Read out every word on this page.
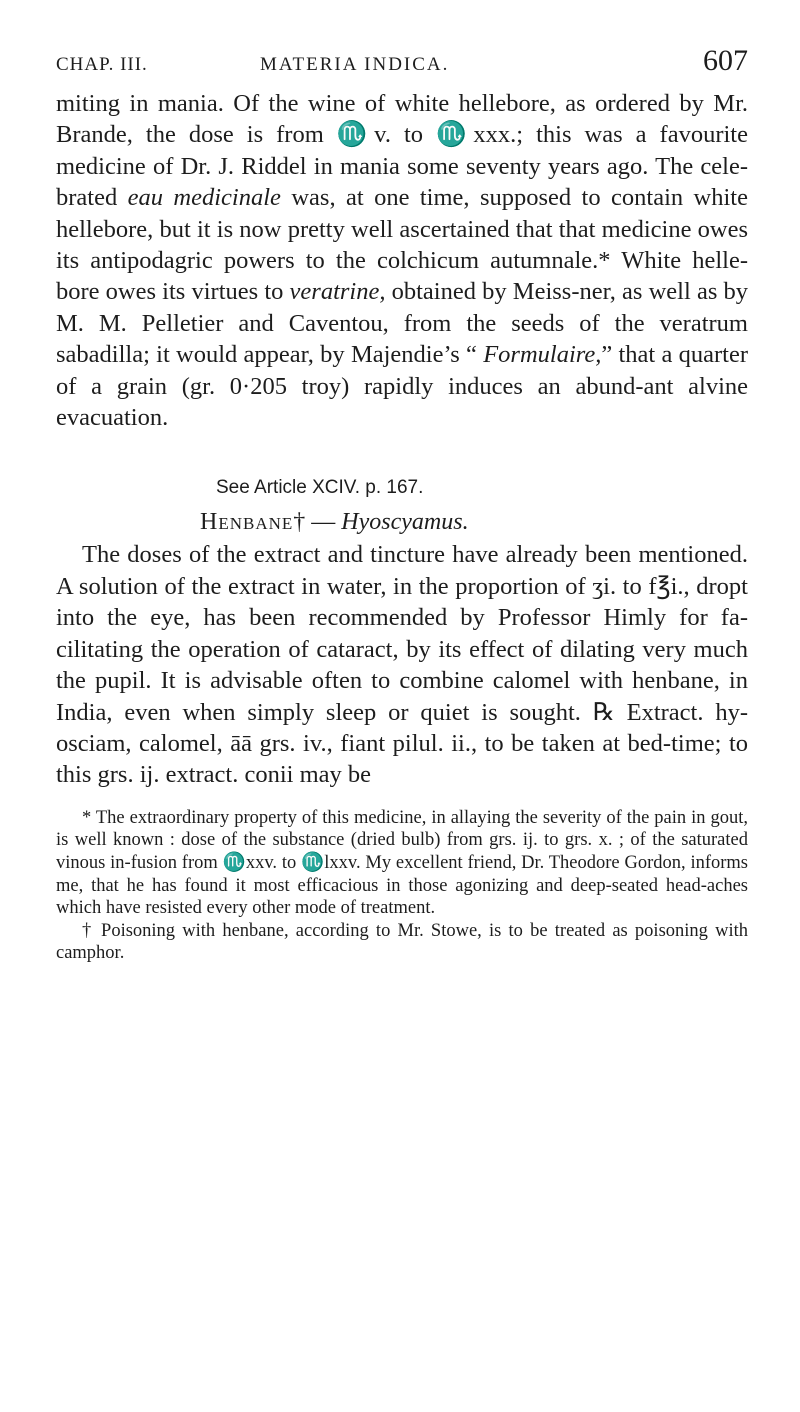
CHAP. III.	MATERIA INDICA.	607

miting in mania. Of the wine of white hellebore, as ordered by Mr. Brande, the dose is from ♏v. to ♏xxx.; this was a favourite medicine of Dr. J. Riddel in mania some seventy years ago. The cele-brated eau medicinale was, at one time, supposed to contain white hellebore, but it is now pretty well ascertained that that medicine owes its antipodagric powers to the colchicum autumnale.* White helle-bore owes its virtues to veratrine, obtained by Meiss-ner, as well as by M. M. Pelletier and Caventou, from the seeds of the veratrum sabadilla; it would appear, by Majendie’s “ Formulaire,” that a quarter of a grain (gr. 0·205 troy) rapidly induces an abund-ant alvine evacuation.

See Article XCIV. p. 167.
Henbane† — Hyoscyamus.

The doses of the extract and tincture have already been mentioned. A solution of the extract in water, in the proportion of ʒi. to f℥i., dropt into the eye, has been recommended by Professor Himly for fa-cilitating the operation of cataract, by its effect of dilating very much the pupil. It is advisable often to combine calomel with henbane, in India, even when simply sleep or quiet is sought. ℞ Extract. hy-osciam, calomel, āā grs. iv., fiant pilul. ii., to be taken at bed-time; to this grs. ij. extract. conii may be

* The extraordinary property of this medicine, in allaying the severity of the pain in gout, is well known : dose of the substance (dried bulb) from grs. ij. to grs. x. ; of the saturated vinous in-fusion from ♏xxv. to ♏lxxv. My excellent friend, Dr. Theodore Gordon, informs me, that he has found it most efficacious in those agonizing and deep-seated head-aches which have resisted every other mode of treatment.

† Poisoning with henbane, according to Mr. Stowe, is to be treated as poisoning with camphor.
